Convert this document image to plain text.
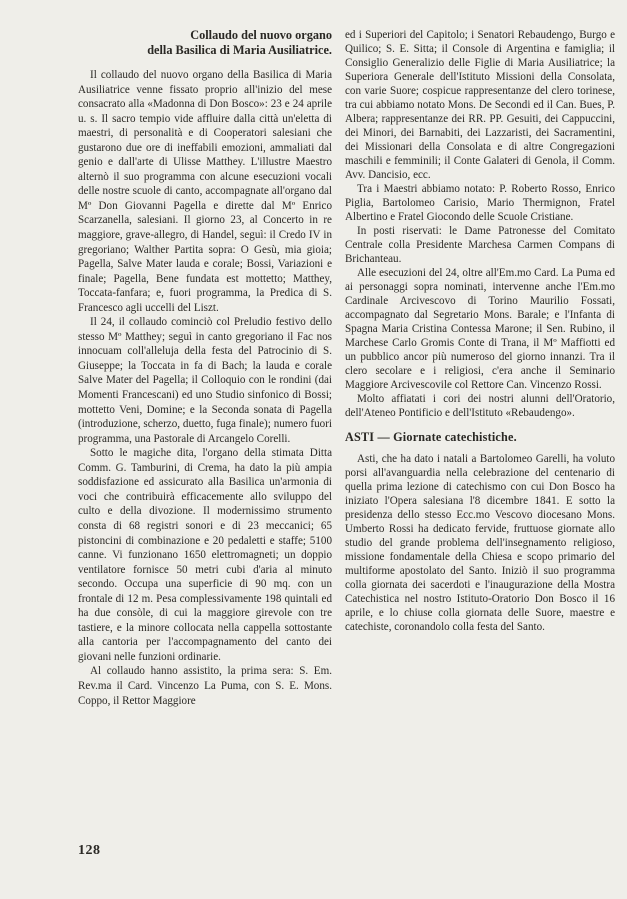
Collaudo del nuovo organo
della Basilica di Maria Ausiliatrice.

Il collaudo del nuovo organo della Basilica di Maria Ausiliatrice venne fissato proprio all'inizio del mese consacrato alla «Madonna di Don Bosco»: 23 e 24 aprile u. s. Il sacro tempio vide affluire dalla città un'eletta di maestri, di personalità e di Cooperatori salesiani che gustarono due ore di ineffabili emozioni, ammaliati dal genio e dall'arte di Ulisse Matthey. L'illustre Maestro alternò il suo programma con alcune esecuzioni vocali delle nostre scuole di canto, accompagnate all'organo dal Mº Don Giovanni Pagella e dirette dal Mº Enrico Scarzanella, salesiani. Il giorno 23, al Concerto in re maggiore, grave-allegro, di Handel, seguì: il Credo IV in gregoriano; Walther Partita sopra: O Gesù, mia gioia; Pagella, Salve Mater lauda e corale; Bossi, Variazioni e finale; Pagella, Bene fundata est mottetto; Matthey, Toccata-fanfara; e, fuori programma, la Predica di S. Francesco agli uccelli del Liszt.

Il 24, il collaudo cominciò col Preludio festivo dello stesso Mº Matthey; seguì in canto gregoriano il Fac nos innocuam coll'alleluja della festa del Patrocinio di S. Giuseppe; la Toccata in fa di Bach; la lauda e corale Salve Mater del Pagella; il Colloquio con le rondini (dai Momenti Francescani) ed uno Studio sinfonico di Bossi; mottetto Veni, Domine; e la Seconda sonata di Pagella (introduzione, scherzo, duetto, fuga finale); numero fuori programma, una Pastorale di Arcangelo Corelli.

Sotto le magiche dita, l'organo della stimata Ditta Comm. G. Tamburini, di Crema, ha dato la più ampia soddisfazione ed assicurato alla Basilica un'armonia di voci che contribuirà efficacemente allo sviluppo del culto e della divozione. Il modernissimo strumento consta di 68 registri sonori e di 23 meccanici; 65 pistoncini di combinazione e 20 pedaletti e staffe; 5100 canne. Vi funzionano 1650 elettromagneti; un doppio ventilatore fornisce 50 metri cubi d'aria al minuto secondo. Occupa una superficie di 90 mq. con un frontale di 12 m. Pesa complessivamente 198 quintali ed ha due consòle, di cui la maggiore girevole con tre tastiere, e la minore collocata nella cappella sottostante alla cantoria per l'accompagnamento del canto dei giovani nelle funzioni ordinarie.

Al collaudo hanno assistito, la prima sera: S. Em. Rev.ma il Card. Vincenzo La Puma, con S. E. Mons. Coppo, il Rettor Maggiore

ed i Superiori del Capitolo; i Senatori Rebaudengo, Burgo e Quilico; S. E. Sitta; il Console di Argentina e famiglia; il Consiglio Generalizio delle Figlie di Maria Ausiliatrice; la Superiora Generale dell'Istituto Missioni della Consolata, con varie Suore; cospicue rappresentanze del clero torinese, tra cui abbiamo notato Mons. De Secondi ed il Can. Bues, P. Albera; rappresentanze dei RR. PP. Gesuiti, dei Cappuccini, dei Minori, dei Barnabiti, dei Lazzaristi, dei Sacramentini, dei Missionari della Consolata e di altre Congregazioni maschili e femminili; il Conte Galateri di Genola, il Comm. Avv. Dancisio, ecc.

Tra i Maestri abbiamo notato: P. Roberto Rosso, Enrico Piglia, Bartolomeo Carisio, Mario Thermignon, Fratel Albertino e Fratel Giocondo delle Scuole Cristiane.

In posti riservati: le Dame Patronesse del Comitato Centrale colla Presidente Marchesa Carmen Compans di Brichanteau.

Alle esecuzioni del 24, oltre all'Em.mo Card. La Puma ed ai personaggi sopra nominati, intervenne anche l'Em.mo Cardinale Arcivescovo di Torino Maurilio Fossati, accompagnato dal Segretario Mons. Barale; e l'Infanta di Spagna Maria Cristina Contessa Marone; il Sen. Rubino, il Marchese Carlo Gromis Conte di Trana, il Mº Maffiotti ed un pubblico ancor più numeroso del giorno innanzi. Tra il clero secolare e i religiosi, c'era anche il Seminario Maggiore Arcivescovile col Rettore Can. Vincenzo Rossi.

Molto affiatati i cori dei nostri alunni dell'Oratorio, dell'Ateneo Pontificio e dell'Istituto «Rebaudengo».

ASTI — Giornate catechistiche.

Asti, che ha dato i natali a Bartolomeo Garelli, ha voluto porsi all'avanguardia nella celebrazione del centenario di quella prima lezione di catechismo con cui Don Bosco ha iniziato l'Opera salesiana l'8 dicembre 1841. E sotto la presidenza dello stesso Ecc.mo Vescovo diocesano Mons. Umberto Rossi ha dedicato fervide, fruttuose giornate allo studio del grande problema dell'insegnamento religioso, missione fondamentale della Chiesa e scopo primario del multiforme apostolato del Santo. Iniziò il suo programma colla giornata dei sacerdoti e l'inaugurazione della Mostra Catechistica nel nostro Istituto-Oratorio Don Bosco il 16 aprile, e lo chiuse colla giornata delle Suore, maestre e catechiste, coronandolo colla festa del Santo.

128
